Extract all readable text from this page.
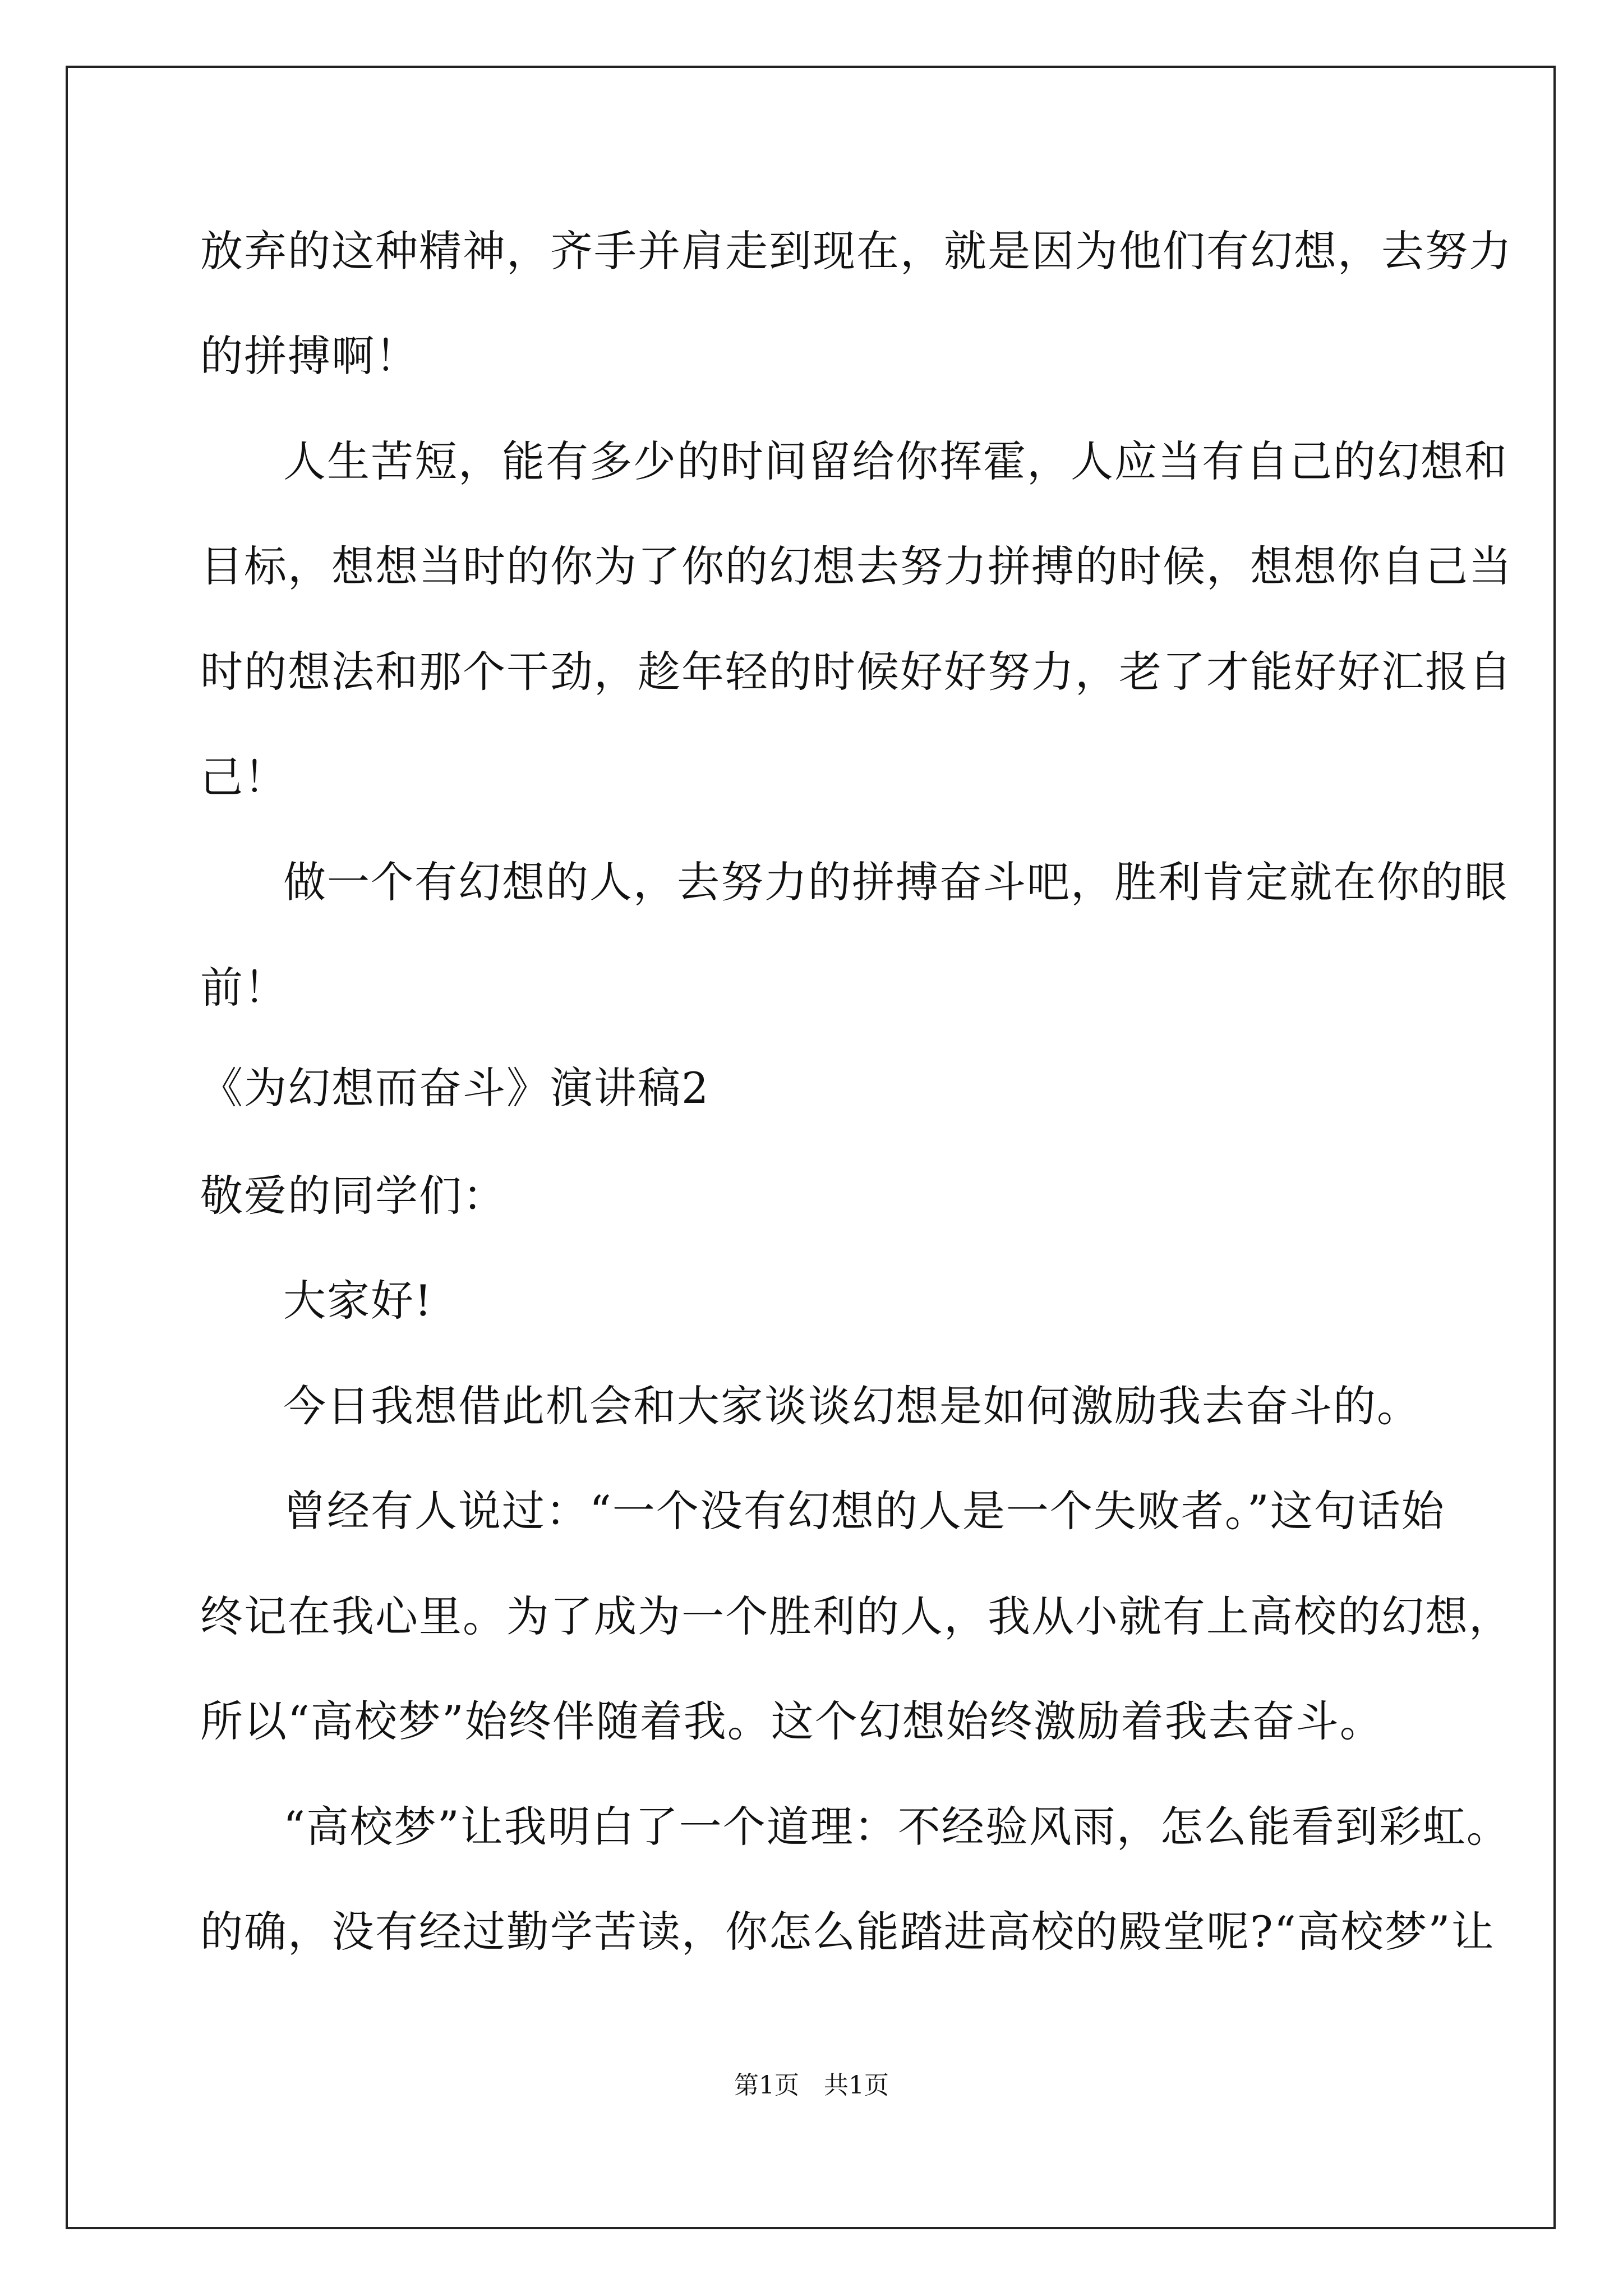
放弃的这种精神，齐手并肩走到现在，就是因为他们有幻想，去努力
的拼搏啊！
人生苦短，能有多少的时间留给你挥霍，人应当有自己的幻想和
目标，想想当时的你为了你的幻想去努力拼搏的时候，想想你自己当
时的想法和那个干劲，趁年轻的时候好好努力，老了才能好好汇报自
己！
做一个有幻想的人，去努力的拼搏奋斗吧，胜利肯定就在你的眼
前！
《为幻想而奋斗》演讲稿2
敬爱的同学们：
大家好!
今日我想借此机会和大家谈谈幻想是如何激励我去奋斗的。
曾经有人说过：“一个没有幻想的人是一个失败者。”这句话始
终记在我心里。为了成为一个胜利的人，我从小就有上高校的幻想，
所以“高校梦”始终伴随着我。这个幻想始终激励着我去奋斗。
“高校梦”让我明白了一个道理：不经验风雨，怎么能看到彩虹。
的确，没有经过勤学苦读，你怎么能踏进高校的殿堂呢?“高校梦”让
第1页　共1页
